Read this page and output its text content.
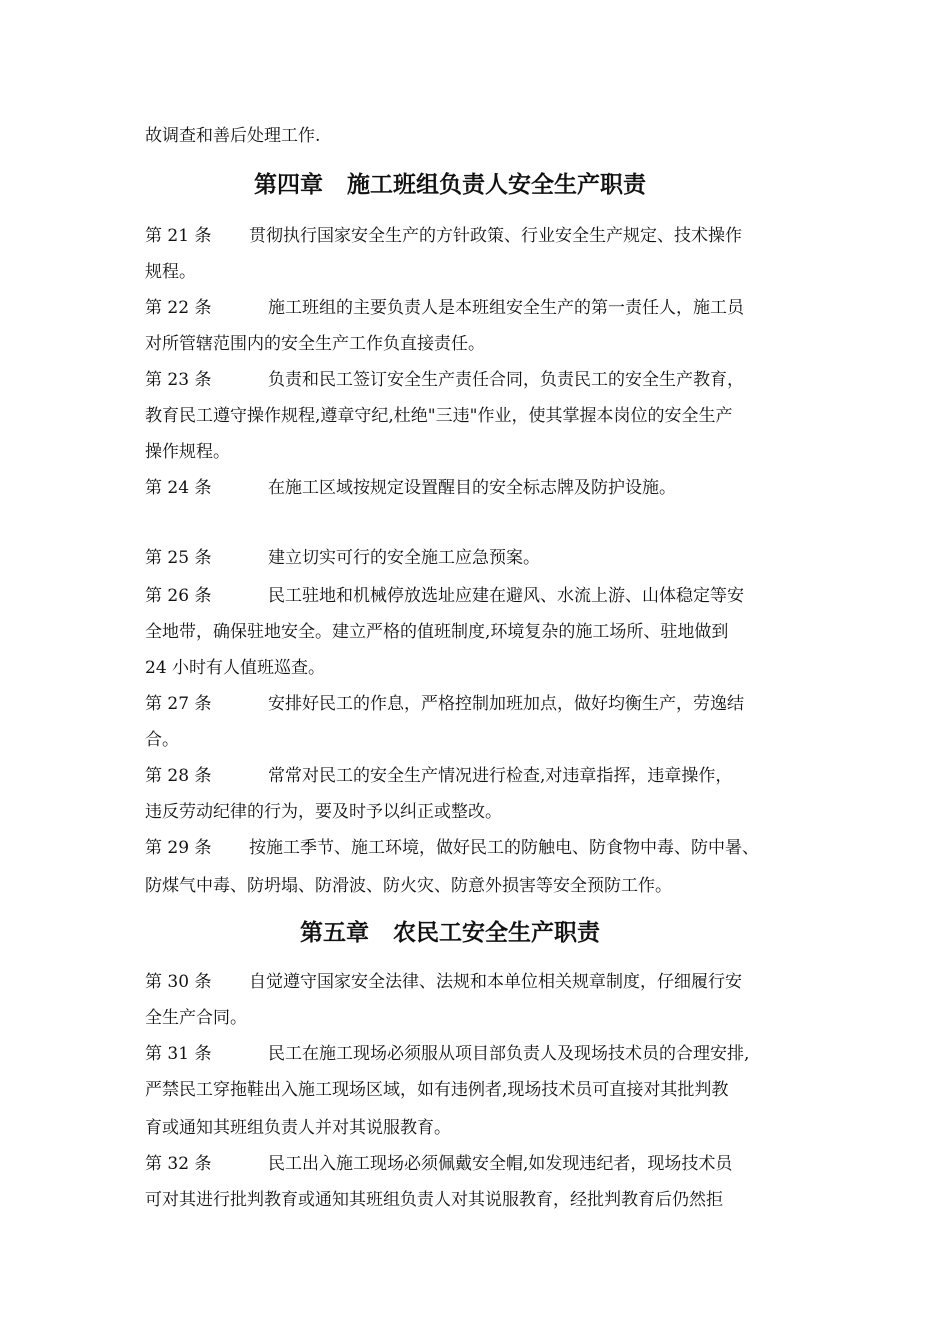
故调查和善后处理工作.
第四章 施工班组负责人安全生产职责
第 21 条 贯彻执行国家安全生产的方针政策、行业安全生产规定、技术操作
规程。
第 22 条	施工班组的主要负责人是本班组安全生产的第一责任人，施工员
对所管辖范围内的安全生产工作负直接责任。
第 23 条	负责和民工签订安全生产责任合同，负责民工的安全生产教育，
教育民工遵守操作规程,遵章守纪,杜绝"三违"作业，使其掌握本岗位的安全生产
操作规程。
第 24 条	在施工区域按规定设置醒目的安全标志牌及防护设施。
第 25 条	建立切实可行的安全施工应急预案。
第 26 条	民工驻地和机械停放选址应建在避风、水流上游、山体稳定等安
全地带，确保驻地安全。建立严格的值班制度,环境复杂的施工场所、驻地做到
24 小时有人值班巡查。
第 27 条	安排好民工的作息，严格控制加班加点，做好均衡生产，劳逸结
合。
第 28 条	常常对民工的安全生产情况进行检查,对违章指挥，违章操作，
违反劳动纪律的行为，要及时予以纠正或整改。
第 29 条 按施工季节、施工环境，做好民工的防触电、防食物中毒、防中暑、
防煤气中毒、防坍塌、防滑波、防火灾、防意外损害等安全预防工作。
第五章 农民工安全生产职责
第 30 条 自觉遵守国家安全法律、法规和本单位相关规章制度，仔细履行安
全生产合同。
第 31 条	民工在施工现场必须服从项目部负责人及现场技术员的合理安排,
严禁民工穿拖鞋出入施工现场区域，如有违例者,现场技术员可直接对其批判教
育或通知其班组负责人并对其说服教育。
第 32 条	民工出入施工现场必须佩戴安全帽,如发现违纪者，现场技术员
可对其进行批判教育或通知其班组负责人对其说服教育，经批判教育后仍然拒
